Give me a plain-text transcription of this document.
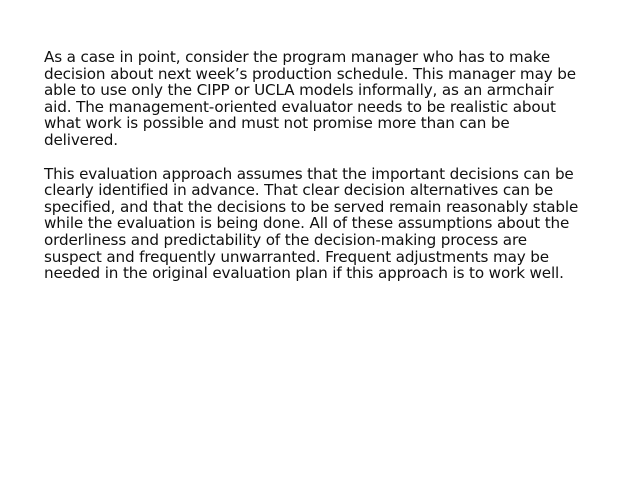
As a case in point, consider the program manager who has to make
decision about next week’s production schedule. This manager may be
able to use only the CIPP or UCLA models informally, as an armchair
aid. The management-oriented evaluator needs to be realistic about
what work is possible and must not promise more than can be
delivered.

This evaluation approach assumes that the important decisions can be
clearly identified in advance. That clear decision alternatives can be
specified, and that the decisions to be served remain reasonably stable
while the evaluation is being done. All of these assumptions about the
orderliness and predictability of the decision-making process are
suspect and frequently unwarranted. Frequent adjustments may be
needed in the original evaluation plan if this approach is to work well.
